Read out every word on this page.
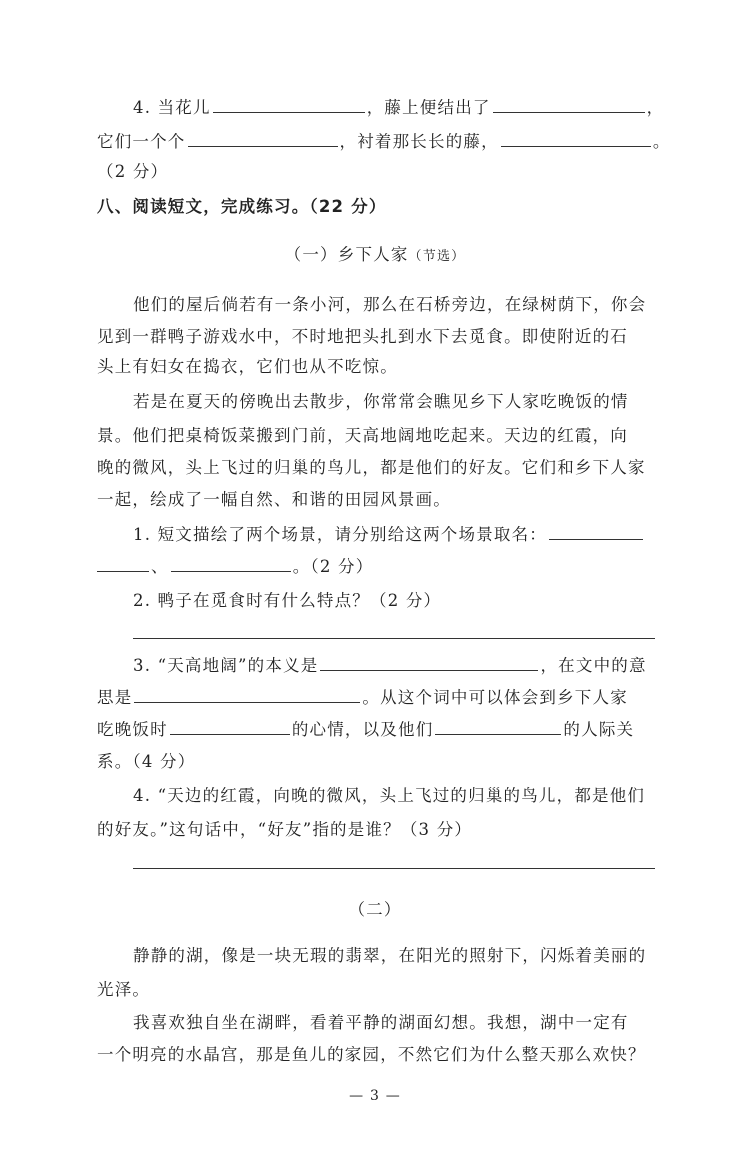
4. 当花儿	，藤上便结出了	，
它们一个个	，衬着那长长的藤，	。
（2 分）
八、阅读短文，完成练习。（22 分）
（一）乡下人家（节选）
他们的屋后倘若有一条小河，那么在石桥旁边，在绿树荫下，你会
见到一群鸭子游戏水中，不时地把头扎到水下去觅食。即使附近的石
头上有妇女在捣衣，它们也从不吃惊。
若是在夏天的傍晚出去散步，你常常会瞧见乡下人家吃晚饭的情
景。他们把桌椅饭菜搬到门前，天高地阔地吃起来。天边的红霞，向
晚的微风，头上飞过的归巢的鸟儿，都是他们的好友。它们和乡下人家
一起，绘成了一幅自然、和谐的田园风景画。
1. 短文描绘了两个场景，请分别给这两个场景取名：
、	。（2 分）
2. 鸭子在觅食时有什么特点？（2 分）
3. “天高地阔”的本义是	，在文中的意
思是	。从这个词中可以体会到乡下人家
吃晚饭时	的心情，以及他们	的人际关
系。（4 分）
4. “天边的红霞，向晚的微风，头上飞过的归巢的鸟儿，都是他们
的好友。”这句话中，“好友”指的是谁？（3 分）
（二）
静静的湖，像是一块无瑕的翡翠，在阳光的照射下，闪烁着美丽的
光泽。
我喜欢独自坐在湖畔，看着平静的湖面幻想。我想，湖中一定有
一个明亮的水晶宫，那是鱼儿的家园，不然它们为什么整天那么欢快？
— 3 —
